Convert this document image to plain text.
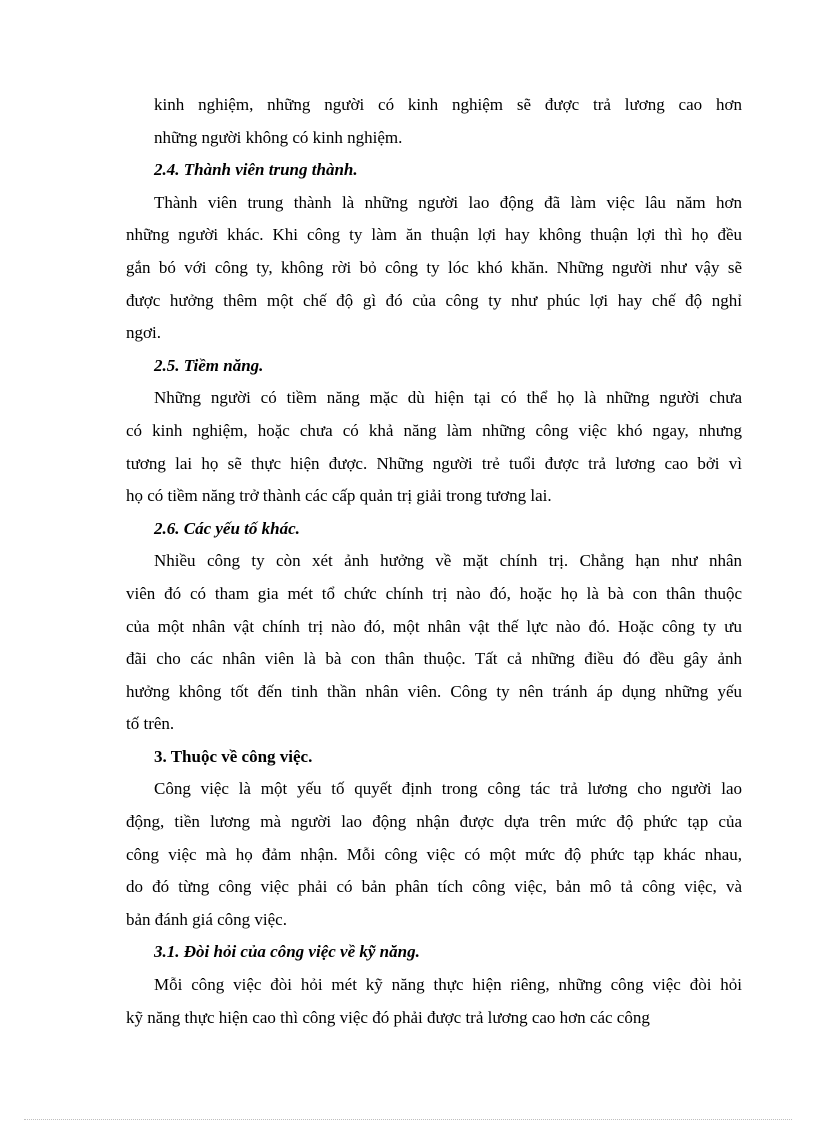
kinh nghiệm, những người có kinh nghiệm sẽ được trả lương cao hơn
những người không có kinh nghiệm.
2.4. Thành viên trung thành.
Thành viên trung thành là những người lao động đã làm việc lâu năm hơn
những người khác. Khi công ty làm ăn thuận lợi hay không thuận lợi thì họ đều
gắn bó với công ty, không rời bỏ công ty lóc khó khăn. Những người như vậy sẽ
được hưởng thêm một chế độ gì đó của công ty như phúc lợi hay chế độ nghỉ
ngơi.
2.5. Tiềm năng.
Những người có tiềm năng mặc dù hiện tại có thể họ là những người chưa
có kinh nghiệm, hoặc chưa có khả năng làm những công việc khó ngay, nhưng
tương lai họ sẽ thực hiện được. Những người trẻ tuổi được trả lương cao bởi vì
họ có tiềm năng trở thành các cấp quản trị giải trong tương lai.
2.6. Các yếu tố khác.
Nhiều công ty còn xét ảnh hưởng về mặt chính trị. Chẳng hạn như nhân
viên đó có tham gia mét tổ chức chính trị nào đó, hoặc họ là bà con thân thuộc
của một nhân vật chính trị nào đó, một nhân vật thế lực nào đó. Hoặc công ty ưu
đãi cho các nhân viên là bà con thân thuộc. Tất cả những điều đó đều gây ảnh
hưởng không tốt đến tinh thần nhân viên. Công ty nên tránh áp dụng những yếu
tố trên.
3. Thuộc về công việc.
Công việc là một yếu tố quyết định trong công tác trả lương cho người lao
động, tiền lương mà người lao động nhận được dựa trên mức độ phức tạp của
công việc mà họ đảm nhận. Mỗi công việc có một mức độ phức tạp khác nhau,
do đó từng công việc phải có bản phân tích công việc, bản mô tả công việc, và
bản đánh giá công việc.
3.1. Đòi hỏi của công việc về kỹ năng.
Mỗi công việc đòi hỏi mét kỹ năng thực hiện riêng, những công việc đòi hỏi
kỹ năng thực hiện cao thì công việc đó phải được trả lương cao hơn các công
